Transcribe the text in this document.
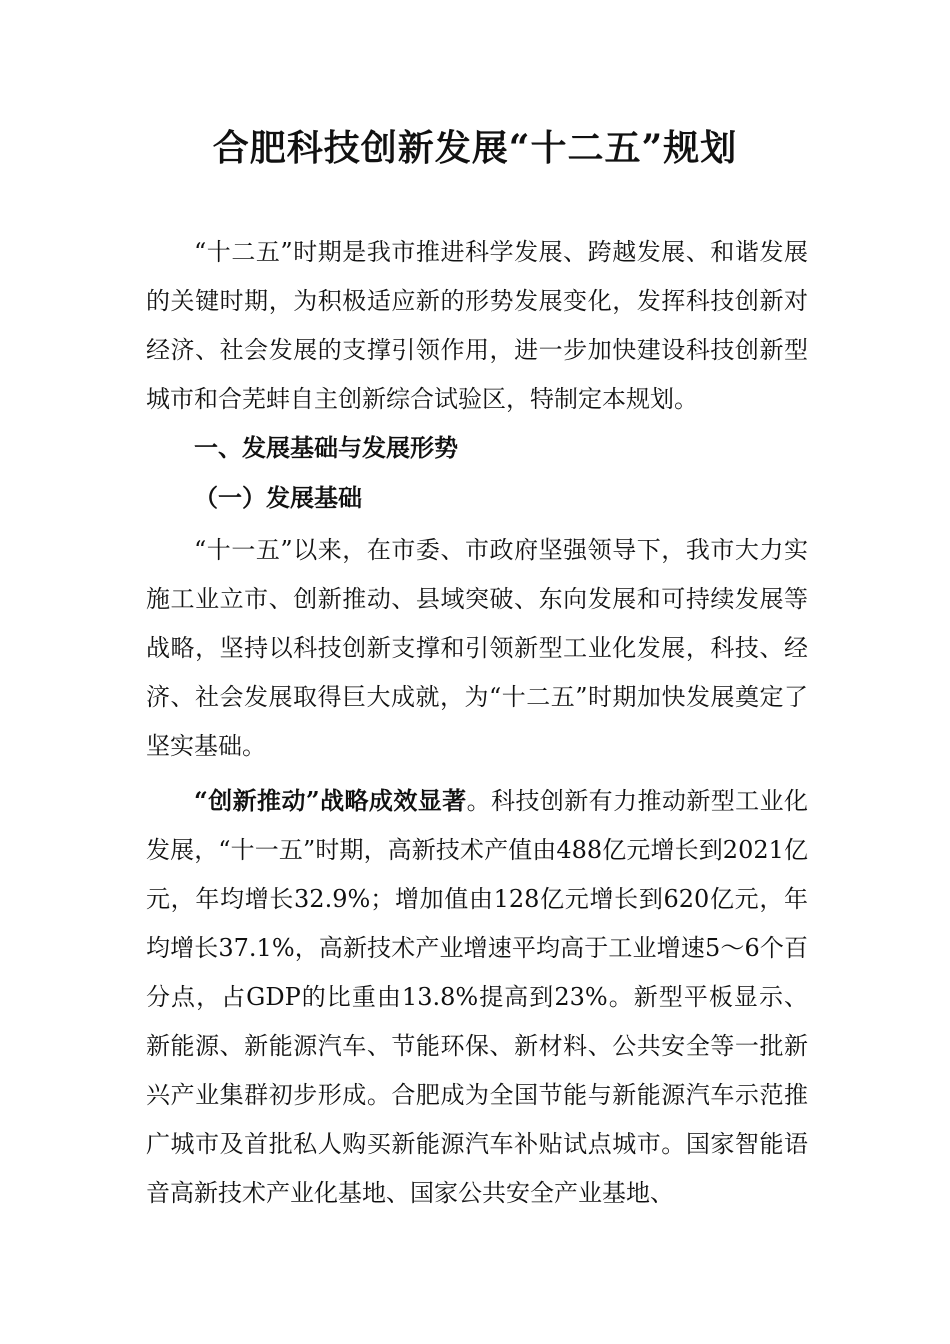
合肥科技创新发展“十二五”规划

“十二五”时期是我市推进科学发展、跨越发展、和谐发展的关键时期，为积极适应新的形势发展变化，发挥科技创新对经济、社会发展的支撑引领作用，进一步加快建设科技创新型城市和合芜蚌自主创新综合试验区，特制定本规划。

一、发展基础与发展形势
（一）发展基础

“十一五”以来，在市委、市政府坚强领导下，我市大力实施工业立市、创新推动、县域突破、东向发展和可持续发展等战略，坚持以科技创新支撑和引领新型工业化发展，科技、经济、社会发展取得巨大成就，为“十二五”时期加快发展奠定了坚实基础。

“创新推动”战略成效显著。科技创新有力推动新型工业化发展，“十一五”时期，高新技术产值由488亿元增长到2021亿元，年均增长32.9%；增加值由128亿元增长到620亿元，年均增长37.1%，高新技术产业增速平均高于工业增速5～6个百分点，占GDP的比重由13.8%提高到23%。新型平板显示、新能源、新能源汽车、节能环保、新材料、公共安全等一批新兴产业集群初步形成。合肥成为全国节能与新能源汽车示范推广城市及首批私人购买新能源汽车补贴试点城市。国家智能语音高新技术产业化基地、国家公共安全产业基地、
